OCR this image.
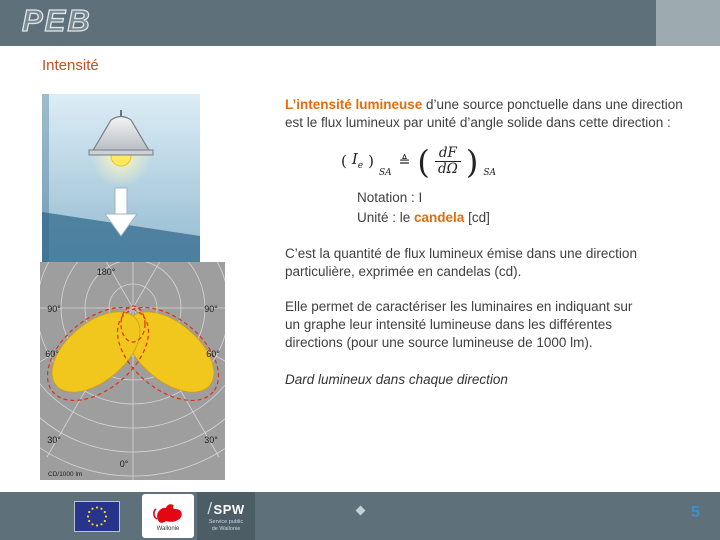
PEB
Intensité
180°
90°	90°
60°	60°
30°	30°
0°
CD/1000 lm

L’intensité lumineuse d’une source ponctuelle dans une direction est le flux lumineux par unité d’angle solide dans cette direction :

( $I_e$ )
SA
≜ ( $\frac{dF}{d\Omega}$ ) SA
Notation : I
Unité : le candela [cd]

C’est la quantité de flux lumineux émise dans une direction particulière, exprimée en candelas (cd).

Elle permet de caractériser les luminaires en indiquant sur un graphe leur intensité lumineuse dans les différentes directions (pour une source lumineuse de 1000 lm).

Dard lumineux dans chaque direction

Wallonie
/ SPW
Service public
de Wallonie
5
